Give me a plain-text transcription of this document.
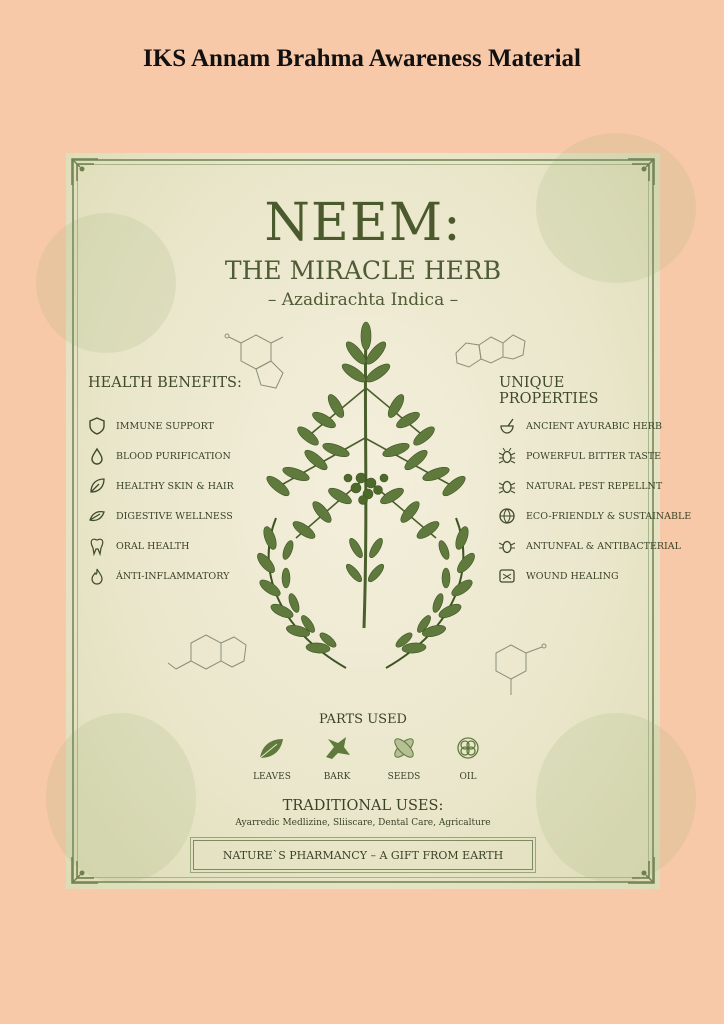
IKS Annam Brahma Awareness Material
NEEM:
THE MIRACLE HERB
– Azadirachta Indica –
HEALTH BENEFITS:
IMMUNE SUPPORT
BLOOD PURIFICATION
HEALTHY SKIN & HAIR
DIGESTIVE WELLNESS
ORAL HEALTH
ÁNTI-INFLAMMATORY
UNIQUE PROPERTIES
ANCIENT AYURABIC HERB
POWERFUL BITTER TASTE
NATURAL PEST REPELLNT
ECO-FRIENDLY & SUSTAINABLE
ANTUNFAL & ANTIBACTERIAL
WOUND HEALING
PARTS USED
LEAVES	BARK	SEEDS	OIL
TRADITIONAL USES:
Ayarredic Medlizine, Sliiscare, Dental Care, Agricalture
NATURE`S PHARMANCY – A GIFT FROM EARTH
